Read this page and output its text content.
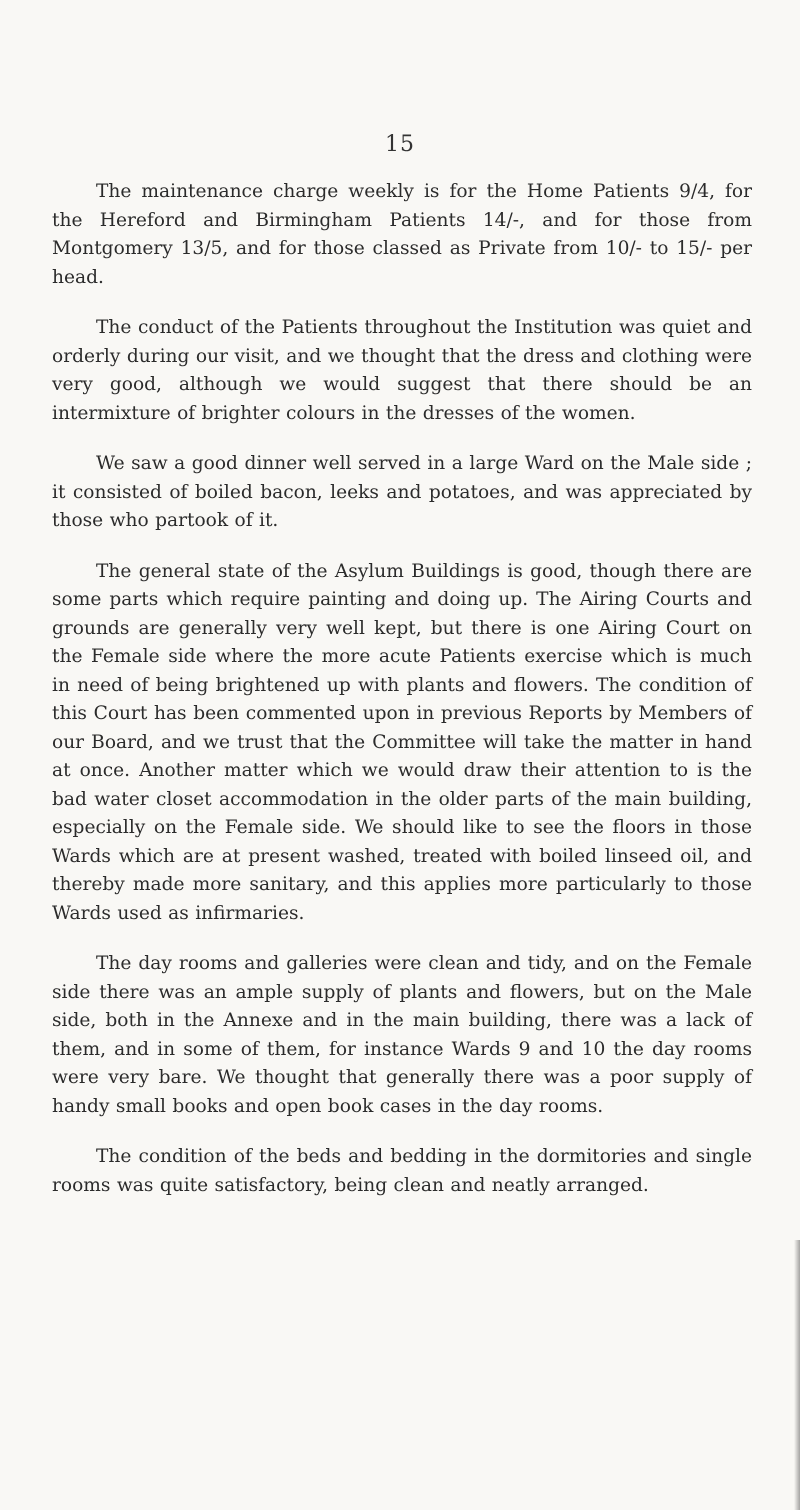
15

The maintenance charge weekly is for the Home Patients 9/4, for the Hereford and Birmingham Patients 14/-, and for those from Montgomery 13/5, and for those classed as Private from 10/- to 15/- per head.

The conduct of the Patients throughout the Institution was quiet and orderly during our visit, and we thought that the dress and clothing were very good, although we would suggest that there should be an intermixture of brighter colours in the dresses of the women.

We saw a good dinner well served in a large Ward on the Male side ; it consisted of boiled bacon, leeks and potatoes, and was appreciated by those who partook of it.

The general state of the Asylum Buildings is good, though there are some parts which require painting and doing up. The Airing Courts and grounds are generally very well kept, but there is one Airing Court on the Female side where the more acute Patients exercise which is much in need of being brightened up with plants and flowers. The condition of this Court has been commented upon in previous Reports by Members of our Board, and we trust that the Committee will take the matter in hand at once. Another matter which we would draw their attention to is the bad water closet accommodation in the older parts of the main building, especially on the Female side. We should like to see the floors in those Wards which are at present washed, treated with boiled linseed oil, and thereby made more sanitary, and this applies more particularly to those Wards used as infirmaries.

The day rooms and galleries were clean and tidy, and on the Female side there was an ample supply of plants and flowers, but on the Male side, both in the Annexe and in the main building, there was a lack of them, and in some of them, for instance Wards 9 and 10 the day rooms were very bare. We thought that generally there was a poor supply of handy small books and open book cases in the day rooms.

The condition of the beds and bedding in the dormitories and single rooms was quite satisfactory, being clean and neatly arranged.
